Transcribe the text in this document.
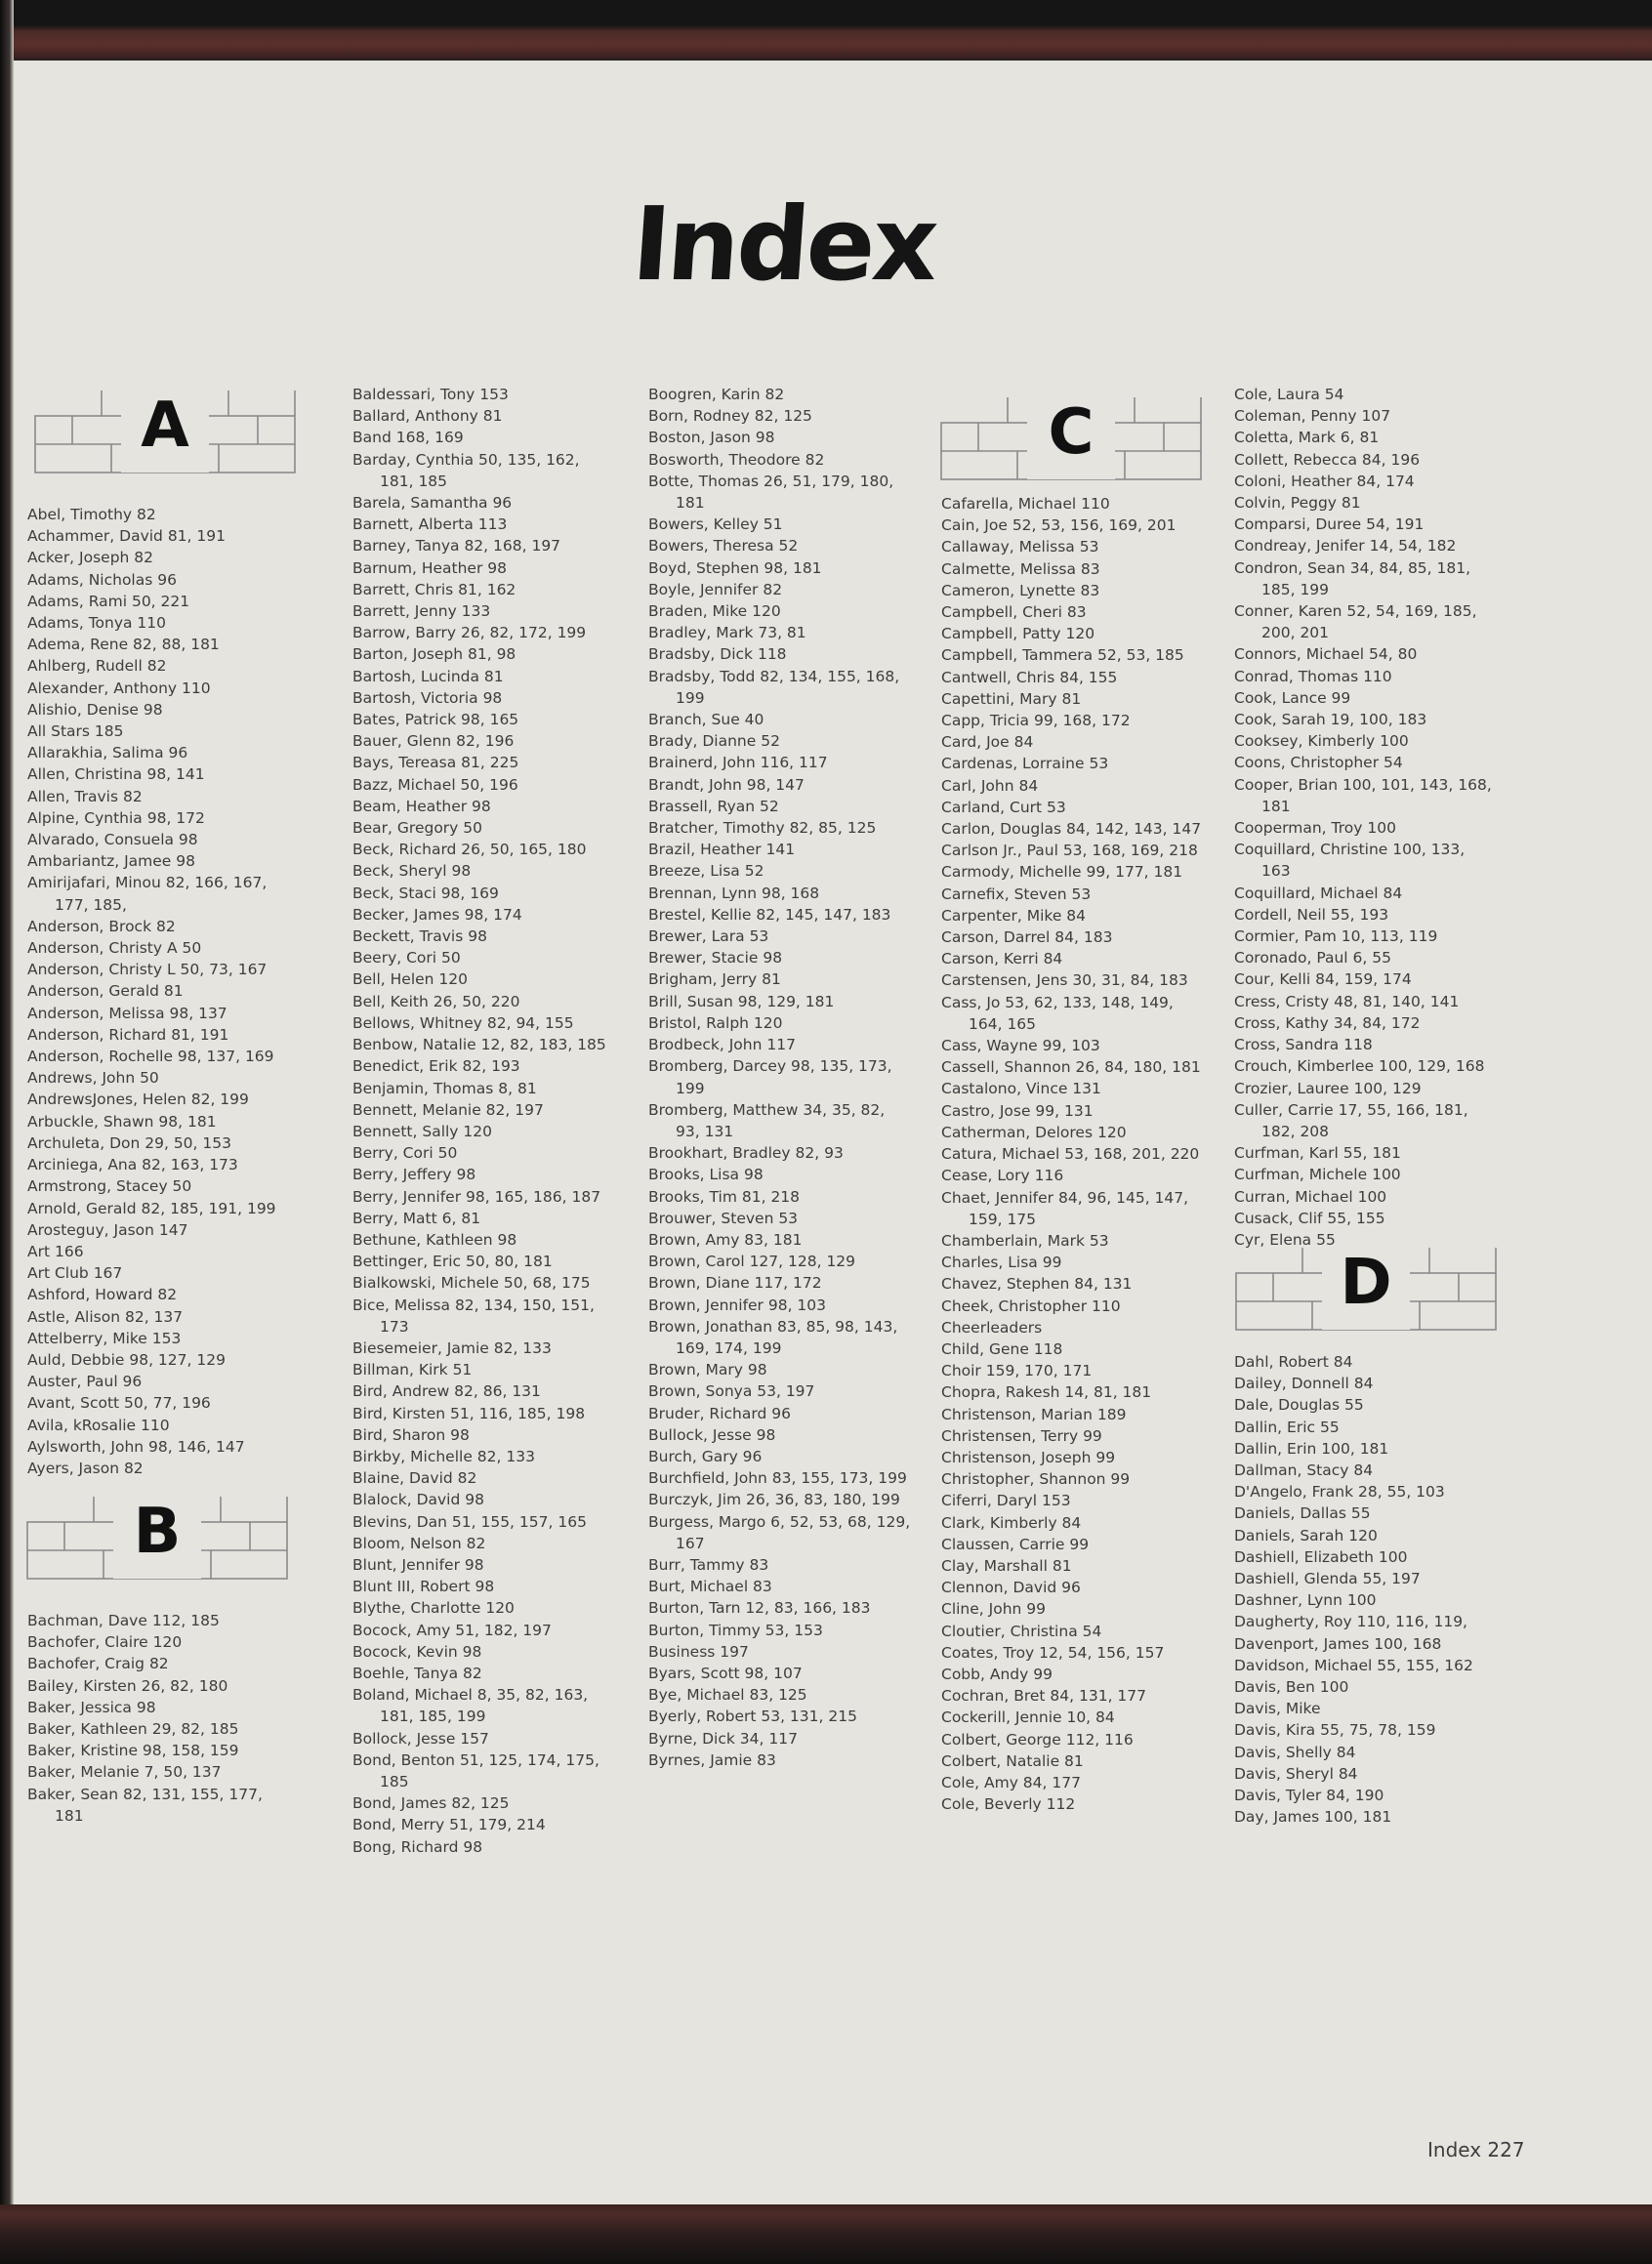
Index
A
B
C
D
Abel, Timothy 82
Achammer, David 81, 191
Acker, Joseph 82
Adams, Nicholas 96
Adams, Rami 50, 221
Adams, Tonya 110
Adema, Rene 82, 88, 181
Ahlberg, Rudell 82
Alexander, Anthony 110
Alishio, Denise 98
All Stars 185
Allarakhia, Salima 96
Allen, Christina 98, 141
Allen, Travis 82
Alpine, Cynthia 98, 172
Alvarado, Consuela 98
Ambariantz, Jamee 98
Amirijafari, Minou 82, 166, 167, 177, 185,
Anderson, Brock 82
Anderson, Christy A 50
Anderson, Christy L 50, 73, 167
Anderson, Gerald 81
Anderson, Melissa 98, 137
Anderson, Richard 81, 191
Anderson, Rochelle 98, 137, 169
Andrews, John 50
AndrewsJones, Helen 82, 199
Arbuckle, Shawn 98, 181
Archuleta, Don 29, 50, 153
Arciniega, Ana 82, 163, 173
Armstrong, Stacey 50
Arnold, Gerald 82, 185, 191, 199
Arosteguy, Jason 147
Art 166
Art Club 167
Ashford, Howard 82
Astle, Alison 82, 137
Attelberry, Mike 153
Auld, Debbie 98, 127, 129
Auster, Paul 96
Avant, Scott 50, 77, 196
Avila, kRosalie 110
Aylsworth, John 98, 146, 147
Ayers, Jason 82
Bachman, Dave 112, 185
Bachofer, Claire 120
Bachofer, Craig 82
Bailey, Kirsten 26, 82, 180
Baker, Jessica 98
Baker, Kathleen 29, 82, 185
Baker, Kristine 98, 158, 159
Baker, Melanie 7, 50, 137
Baker, Sean 82, 131, 155, 177, 181
Baldessari, Tony 153
Ballard, Anthony 81
Band 168, 169
Barday, Cynthia 50, 135, 162, 181, 185
Barela, Samantha 96
Barnett, Alberta 113
Barney, Tanya 82, 168, 197
Barnum, Heather 98
Barrett, Chris 81, 162
Barrett, Jenny 133
Barrow, Barry 26, 82, 172, 199
Barton, Joseph 81, 98
Bartosh, Lucinda 81
Bartosh, Victoria 98
Bates, Patrick 98, 165
Bauer, Glenn 82, 196
Bays, Tereasa 81, 225
Bazz, Michael 50, 196
Beam, Heather 98
Bear, Gregory 50
Beck, Richard 26, 50, 165, 180
Beck, Sheryl 98
Beck, Staci 98, 169
Becker, James 98, 174
Beckett, Travis 98
Beery, Cori 50
Bell, Helen 120
Bell, Keith 26, 50, 220
Bellows, Whitney 82, 94, 155
Benbow, Natalie 12, 82, 183, 185
Benedict, Erik 82, 193
Benjamin, Thomas 8, 81
Bennett, Melanie 82, 197
Bennett, Sally 120
Berry, Cori 50
Berry, Jeffery 98
Berry, Jennifer 98, 165, 186, 187
Berry, Matt 6, 81
Bethune, Kathleen 98
Bettinger, Eric 50, 80, 181
Bialkowski, Michele 50, 68, 175
Bice, Melissa 82, 134, 150, 151, 173
Biesemeier, Jamie 82, 133
Billman, Kirk 51
Bird, Andrew 82, 86, 131
Bird, Kirsten 51, 116, 185, 198
Bird, Sharon 98
Birkby, Michelle 82, 133
Blaine, David 82
Blalock, David 98
Blevins, Dan 51, 155, 157, 165
Bloom, Nelson 82
Blunt, Jennifer 98
Blunt III, Robert 98
Blythe, Charlotte 120
Bocock, Amy 51, 182, 197
Bocock, Kevin 98
Boehle, Tanya 82
Boland, Michael 8, 35, 82, 163, 181, 185, 199
Bollock, Jesse 157
Bond, Benton 51, 125, 174, 175, 185
Bond, James 82, 125
Bond, Merry 51, 179, 214
Bong, Richard 98
Boogren, Karin 82
Born, Rodney 82, 125
Boston, Jason 98
Bosworth, Theodore 82
Botte, Thomas 26, 51, 179, 180, 181
Bowers, Kelley 51
Bowers, Theresa 52
Boyd, Stephen 98, 181
Boyle, Jennifer 82
Braden, Mike 120
Bradley, Mark 73, 81
Bradsby, Dick 118
Bradsby, Todd 82, 134, 155, 168, 199
Branch, Sue 40
Brady, Dianne 52
Brainerd, John 116, 117
Brandt, John 98, 147
Brassell, Ryan 52
Bratcher, Timothy 82, 85, 125
Brazil, Heather 141
Breeze, Lisa 52
Brennan, Lynn 98, 168
Brestel, Kellie 82, 145, 147, 183
Brewer, Lara 53
Brewer, Stacie 98
Brigham, Jerry 81
Brill, Susan 98, 129, 181
Bristol, Ralph 120
Brodbeck, John 117
Bromberg, Darcey 98, 135, 173, 199
Bromberg, Matthew 34, 35, 82, 93, 131
Brookhart, Bradley 82, 93
Brooks, Lisa 98
Brooks, Tim 81, 218
Brouwer, Steven 53
Brown, Amy 83, 181
Brown, Carol 127, 128, 129
Brown, Diane 117, 172
Brown, Jennifer 98, 103
Brown, Jonathan 83, 85, 98, 143, 169, 174, 199
Brown, Mary 98
Brown, Sonya 53, 197
Bruder, Richard 96
Bullock, Jesse 98
Burch, Gary 96
Burchfield, John 83, 155, 173, 199
Burczyk, Jim 26, 36, 83, 180, 199
Burgess, Margo 6, 52, 53, 68, 129, 167
Burr, Tammy 83
Burt, Michael 83
Burton, Tarn 12, 83, 166, 183
Burton, Timmy 53, 153
Business 197
Byars, Scott 98, 107
Bye, Michael 83, 125
Byerly, Robert 53, 131, 215
Byrne, Dick 34, 117
Byrnes, Jamie 83
Cafarella, Michael 110
Cain, Joe 52, 53, 156, 169, 201
Callaway, Melissa 53
Calmette, Melissa 83
Cameron, Lynette 83
Campbell, Cheri 83
Campbell, Patty 120
Campbell, Tammera 52, 53, 185
Cantwell, Chris 84, 155
Capettini, Mary 81
Capp, Tricia 99, 168, 172
Card, Joe 84
Cardenas, Lorraine 53
Carl, John 84
Carland, Curt 53
Carlon, Douglas 84, 142, 143, 147
Carlson Jr., Paul 53, 168, 169, 218
Carmody, Michelle 99, 177, 181
Carnefix, Steven 53
Carpenter, Mike 84
Carson, Darrel 84, 183
Carson, Kerri 84
Carstensen, Jens 30, 31, 84, 183
Cass, Jo 53, 62, 133, 148, 149, 164, 165
Cass, Wayne 99, 103
Cassell, Shannon 26, 84, 180, 181
Castalono, Vince 131
Castro, Jose 99, 131
Catherman, Delores 120
Catura, Michael 53, 168, 201, 220
Cease, Lory 116
Chaet, Jennifer 84, 96, 145, 147, 159, 175
Chamberlain, Mark 53
Charles, Lisa 99
Chavez, Stephen 84, 131
Cheek, Christopher 110
Cheerleaders
Child, Gene 118
Choir 159, 170, 171
Chopra, Rakesh 14, 81, 181
Christenson, Marian 189
Christensen, Terry 99
Christenson, Joseph 99
Christopher, Shannon 99
Ciferri, Daryl 153
Clark, Kimberly 84
Claussen, Carrie 99
Clay, Marshall 81
Clennon, David 96
Cline, John 99
Cloutier, Christina 54
Coates, Troy 12, 54, 156, 157
Cobb, Andy 99
Cochran, Bret 84, 131, 177
Cockerill, Jennie 10, 84
Colbert, George 112, 116
Colbert, Natalie 81
Cole, Amy 84, 177
Cole, Beverly 112
Cole, Laura 54
Coleman, Penny 107
Coletta, Mark 6, 81
Collett, Rebecca 84, 196
Coloni, Heather 84, 174
Colvin, Peggy 81
Comparsi, Duree 54, 191
Condreay, Jenifer 14, 54, 182
Condron, Sean 34, 84, 85, 181, 185, 199
Conner, Karen 52, 54, 169, 185, 200, 201
Connors, Michael 54, 80
Conrad, Thomas 110
Cook, Lance 99
Cook, Sarah 19, 100, 183
Cooksey, Kimberly 100
Coons, Christopher 54
Cooper, Brian 100, 101, 143, 168, 181
Cooperman, Troy 100
Coquillard, Christine 100, 133, 163
Coquillard, Michael 84
Cordell, Neil 55, 193
Cormier, Pam 10, 113, 119
Coronado, Paul 6, 55
Cour, Kelli 84, 159, 174
Cress, Cristy 48, 81, 140, 141
Cross, Kathy 34, 84, 172
Cross, Sandra 118
Crouch, Kimberlee 100, 129, 168
Crozier, Lauree 100, 129
Culler, Carrie 17, 55, 166, 181, 182, 208
Curfman, Karl 55, 181
Curfman, Michele 100
Curran, Michael 100
Cusack, Clif 55, 155
Cyr, Elena 55
Dahl, Robert 84
Dailey, Donnell 84
Dale, Douglas 55
Dallin, Eric 55
Dallin, Erin 100, 181
Dallman, Stacy 84
D'Angelo, Frank 28, 55, 103
Daniels, Dallas 55
Daniels, Sarah 120
Dashiell, Elizabeth 100
Dashiell, Glenda 55, 197
Dashner, Lynn 100
Daugherty, Roy 110, 116, 119,
Davenport, James 100, 168
Davidson, Michael 55, 155, 162
Davis, Ben 100
Davis, Mike
Davis, Kira 55, 75, 78, 159
Davis, Shelly 84
Davis, Sheryl 84
Davis, Tyler 84, 190
Day, James 100, 181
Index 227
